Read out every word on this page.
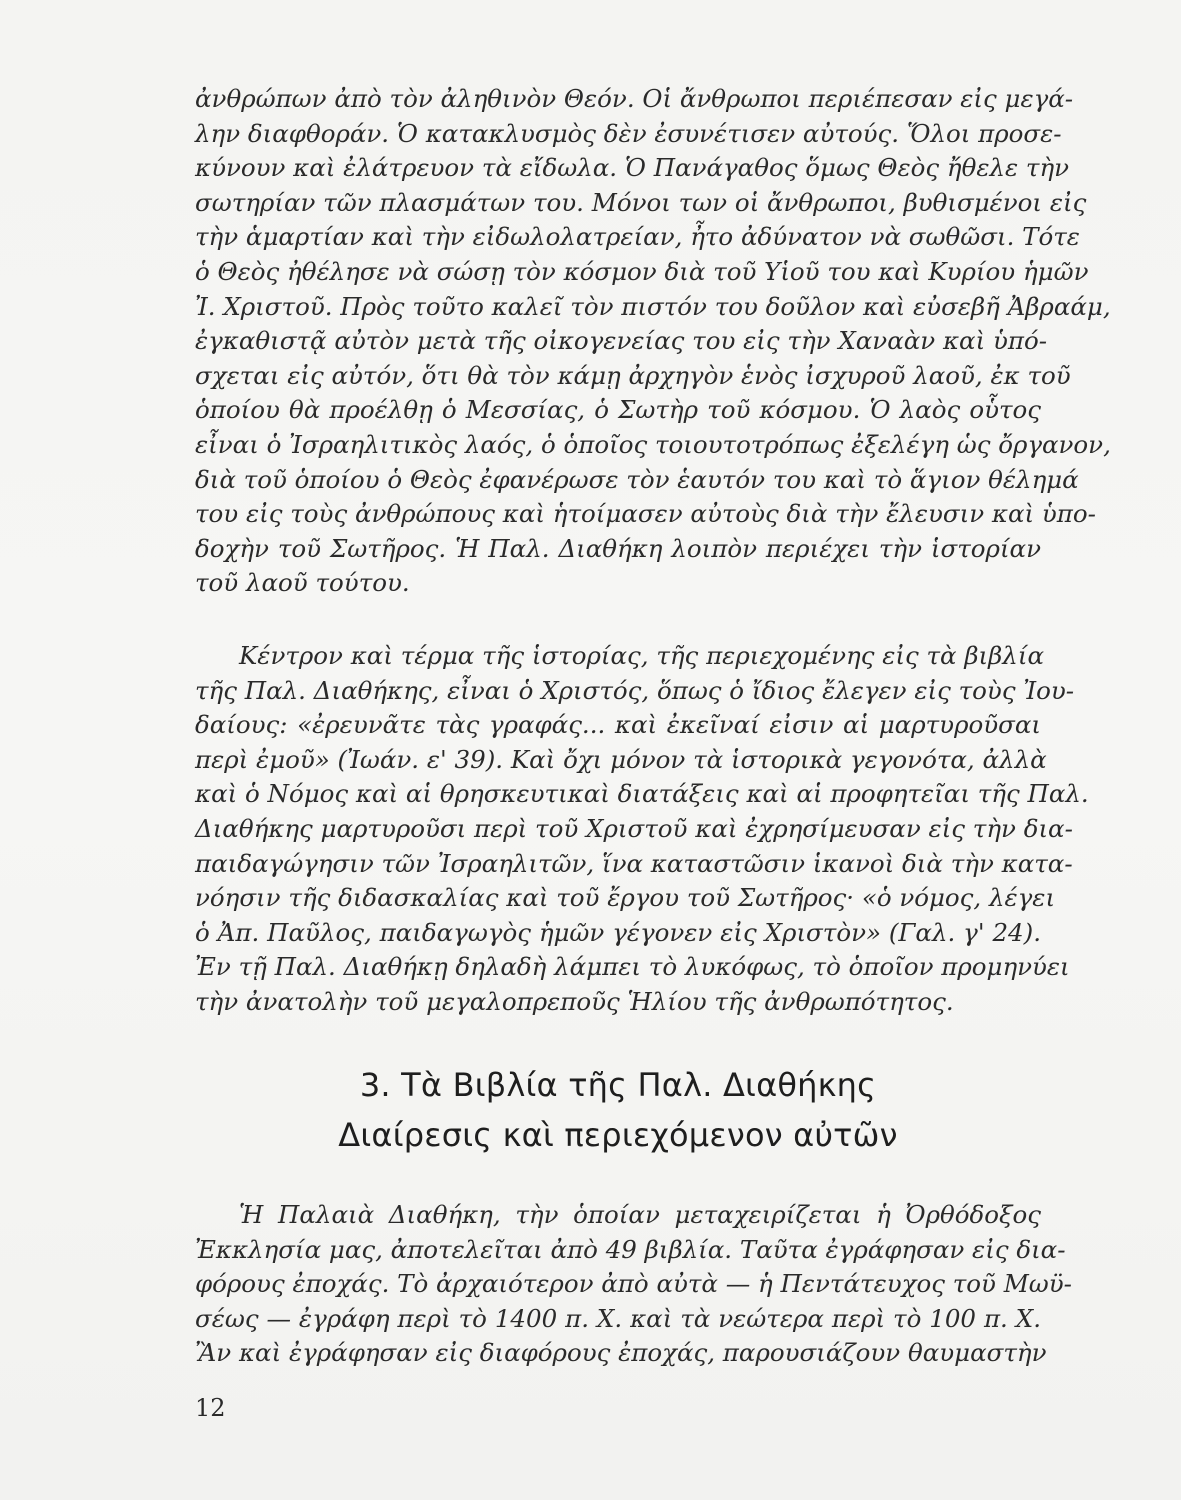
ἀνθρώπων ἀπὸ τὸν ἀληθινὸν Θεόν. Οἱ ἄνθρωποι περιέπεσαν εἰς μεγά-
λην διαφθοράν. Ὁ κατακλυσμὸς δὲν ἐσυνέτισεν αὐτούς. Ὅλοι προσε-
κύνουν καὶ ἐλάτρευον τὰ εἴδωλα. Ὁ Πανάγαθος ὅμως Θεὸς ἤθελε τὴν
σωτηρίαν τῶν πλασμάτων του. Μόνοι των οἱ ἄνθρωποι, βυθισμένοι εἰς
τὴν ἁμαρτίαν καὶ τὴν εἰδωλολατρείαν, ἦτο ἀδύνατον νὰ σωθῶσι. Τότε
ὁ Θεὸς ἠθέλησε νὰ σώσῃ τὸν κόσμον διὰ τοῦ Υἱοῦ του καὶ Κυρίου ἡμῶν
Ἰ. Χριστοῦ. Πρὸς τοῦτο καλεῖ τὸν πιστόν του δοῦλον καὶ εὐσεβῆ Ἀβραάμ,
ἐγκαθιστᾷ αὐτὸν μετὰ τῆς οἰκογενείας του εἰς τὴν Χαναὰν καὶ ὑπό-
σχεται εἰς αὐτόν, ὅτι θὰ τὸν κάμῃ ἀρχηγὸν ἑνὸς ἰσχυροῦ λαοῦ, ἐκ τοῦ
ὁποίου θὰ προέλθῃ ὁ Μεσσίας, ὁ Σωτὴρ τοῦ κόσμου. Ὁ λαὸς οὗτος
εἶναι ὁ Ἰσραηλιτικὸς λαός, ὁ ὁποῖος τοιουτοτρόπως ἐξελέγη ὡς ὄργανον,
διὰ τοῦ ὁποίου ὁ Θεὸς ἐφανέρωσε τὸν ἑαυτόν του καὶ τὸ ἅγιον θέλημά
του εἰς τοὺς ἀνθρώπους καὶ ἡτοίμασεν αὐτοὺς διὰ τὴν ἔλευσιν καὶ ὑπο-
δοχὴν τοῦ Σωτῆρος. Ἡ Παλ. Διαθήκη λοιπὸν περιέχει τὴν ἱστορίαν
τοῦ λαοῦ τούτου.
Κέντρον καὶ τέρμα τῆς ἱστορίας, τῆς περιεχομένης εἰς τὰ βιβλία
τῆς Παλ. Διαθήκης, εἶναι ὁ Χριστός, ὅπως ὁ ἴδιος ἔλεγεν εἰς τοὺς Ἰου-
δαίους: «ἐρευνᾶτε τὰς γραφάς... καὶ ἐκεῖναί εἰσιν αἱ μαρτυροῦσαι
περὶ ἐμοῦ» (Ἰωάν. ε' 39). Καὶ ὄχι μόνον τὰ ἱστορικὰ γεγονότα, ἀλλὰ
καὶ ὁ Νόμος καὶ αἱ θρησκευτικαὶ διατάξεις καὶ αἱ προφητεῖαι τῆς Παλ.
Διαθήκης μαρτυροῦσι περὶ τοῦ Χριστοῦ καὶ ἐχρησίμευσαν εἰς τὴν δια-
παιδαγώγησιν τῶν Ἰσραηλιτῶν, ἵνα καταστῶσιν ἱκανοὶ διὰ τὴν κατα-
νόησιν τῆς διδασκαλίας καὶ τοῦ ἔργου τοῦ Σωτῆρος· «ὁ νόμος, λέγει
ὁ Ἀπ. Παῦλος, παιδαγωγὸς ἡμῶν γέγονεν εἰς Χριστὸν» (Γαλ. γ' 24).
Ἐν τῇ Παλ. Διαθήκῃ δηλαδὴ λάμπει τὸ λυκόφως, τὸ ὁποῖον προμηνύει
τὴν ἀνατολὴν τοῦ μεγαλοπρεποῦς Ἡλίου τῆς ἀνθρωπότητος.
3. Τὰ Βιβλία τῆς Παλ. Διαθήκης
Διαίρεσις καὶ περιεχόμενον αὐτῶν
Ἡ Παλαιὰ Διαθήκη, τὴν ὁποίαν μεταχειρίζεται ἡ Ὀρθόδοξος
Ἐκκλησία μας, ἀποτελεῖται ἀπὸ 49 βιβλία. Ταῦτα ἐγράφησαν εἰς δια-
φόρους ἐποχάς. Τὸ ἀρχαιότερον ἀπὸ αὐτὰ — ἡ Πεντάτευχος τοῦ Μωϋ-
σέως — ἐγράφη περὶ τὸ 1400 π. Χ. καὶ τὰ νεώτερα περὶ τὸ 100 π. Χ.
Ἂν καὶ ἐγράφησαν εἰς διαφόρους ἐποχάς, παρουσιάζουν θαυμαστὴν
12
